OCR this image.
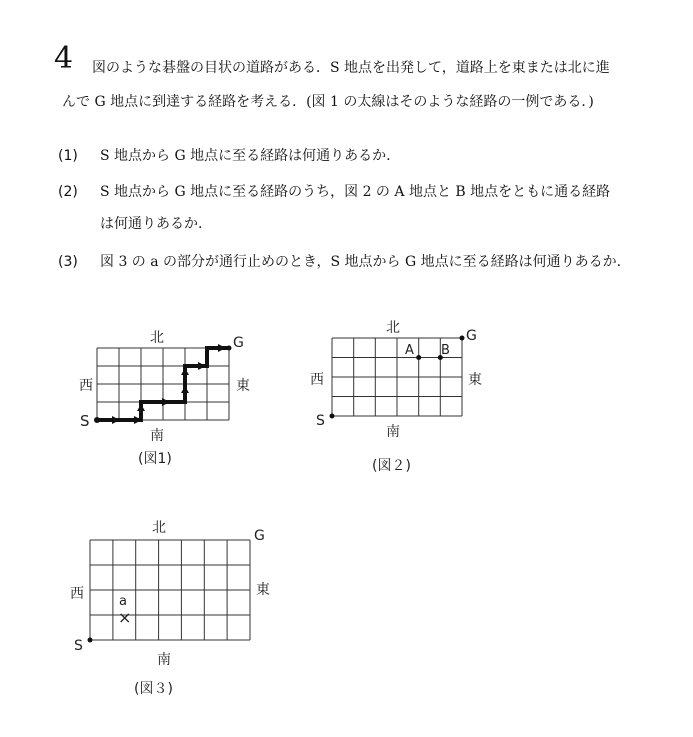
4 図のような碁盤の目状の道路がある．S 地点を出発して，道路上を東または北に進
んで G 地点に到達する経路を考える．(図 1 の太線はそのような経路の一例である．)
(1) S 地点から G 地点に至る経路は何通りあるか.
(2) S 地点から G 地点に至る経路のうち，図 2 の A 地点と B 地点をともに通る経路
は何通りあるか.
(3) 図 3 の a の部分が通行止めのとき，S 地点から G 地点に至る経路は何通りあるか.
北
南
東
西
S
G
(図1)
A B
北
南
東
西
S
G
(図２)
a
×
北
南
東
西
S
G
(図３)
